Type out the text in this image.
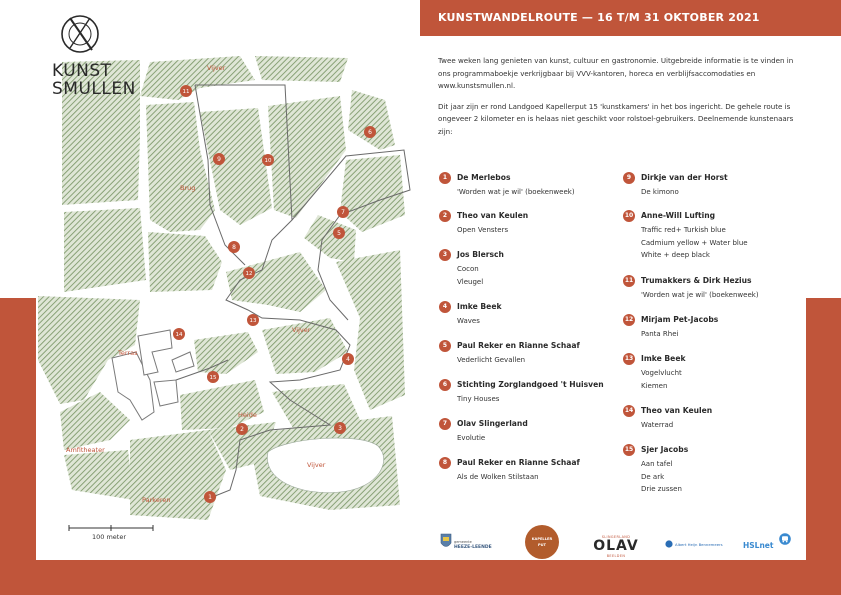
Vijver
Brug
Vijver
Terras
Heide
Amfitheater
Vijver
Parkeren	1
2	3
4
5
6
7
8
9	10
11
12
13
14
15
KUNST
SMULLEN
100 meter
KUNSTWANDELROUTE — 16 T/M 31 OKTOBER 2021

Twee weken lang genieten van kunst, cultuur en gastronomie. Uitgebreide informatie is te vinden in ons programmaboekje verkrijgbaar bij VVV-kantoren, horeca en verblijfsaccomodaties en www.kunstsmullen.nl.

Dit jaar zijn er rond Landgoed Kapellerput 15 'kunstkamers' in het bos ingericht. De gehele route is ongeveer 2 kilometer en is helaas niet geschikt voor rolstoel-gebruikers. Deelnemende kunstenaars zijn:

1	De Merlebos
'Worden wat je wil' (boekenweek)
2	Theo van Keulen
Open Vensters
3	Jos Blersch
Cocon
Vleugel
4	Imke Beek
Waves
5	Paul Reker en Rianne Schaaf
Vederlicht Gevallen
6	Stichting Zorglandgoed 't Huisven
Tiny Houses
7	Olav Slingerland
Evolutie
8	Paul Reker en Rianne Schaaf
Als de Wolken Stilstaan
9	Dirkje van der Horst
De kimono
10 Anne-Will Lufting
Traffic red+ Turkish blue
Cadmium yellow + Water blue
White + deep black
11 Trumakkers & Dirk Hezius
'Worden wat je wil' (boekenweek)
12 Mirjam Pet-Jacobs
Panta Rhei
13 Imke Beek
Vogelvlucht
Kiemen
14 Theo van Keulen
Waterrad
15 Sjer Jacobs
Aan tafel
De ark
Drie zussen
gemeente
HEEZE-LEENDE
KAPELLER
PUT
SLINGERLAND
OLAV
BEELDEN
Albert Heijn Bennemeers	HSLnet
